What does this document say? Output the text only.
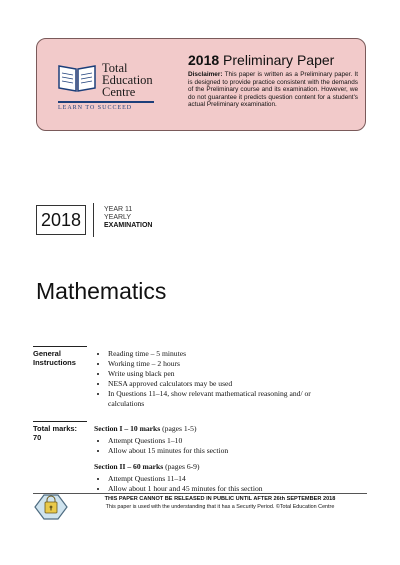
Total
Education
Centre
LEARN TO SUCCEED
2018 Preliminary Paper
Disclaimer: This paper is written as a Preliminary paper. It is designed to provide practice consistent with the demands of the Preliminary course and its examination. However, we do not guarantee it predicts question content for a student's actual Preliminary examination.
2018	YEAR 11
YEARLY
EXAMINATION
Mathematics
General Instructions
• Reading time – 5 minutes
• Working time – 2 hours
• Write using black pen
• NESA approved calculators may be used
• In Questions 11–14, show relevant mathematical reasoning and/ or calculations
Total marks:
70
Section I – 10 marks (pages 1-5)
• Attempt Questions 1–10
• Allow about 15 minutes for this section
Section II – 60 marks (pages 6-9)
• Attempt Questions 11–14
• Allow about 1 hour and 45 minutes for this section
THIS PAPER CANNOT BE RELEASED IN PUBLIC UNTIL AFTER 26th SEPTEMBER 2018
This paper is used with the understanding that it has a Security Period. ©Total Education Centre
